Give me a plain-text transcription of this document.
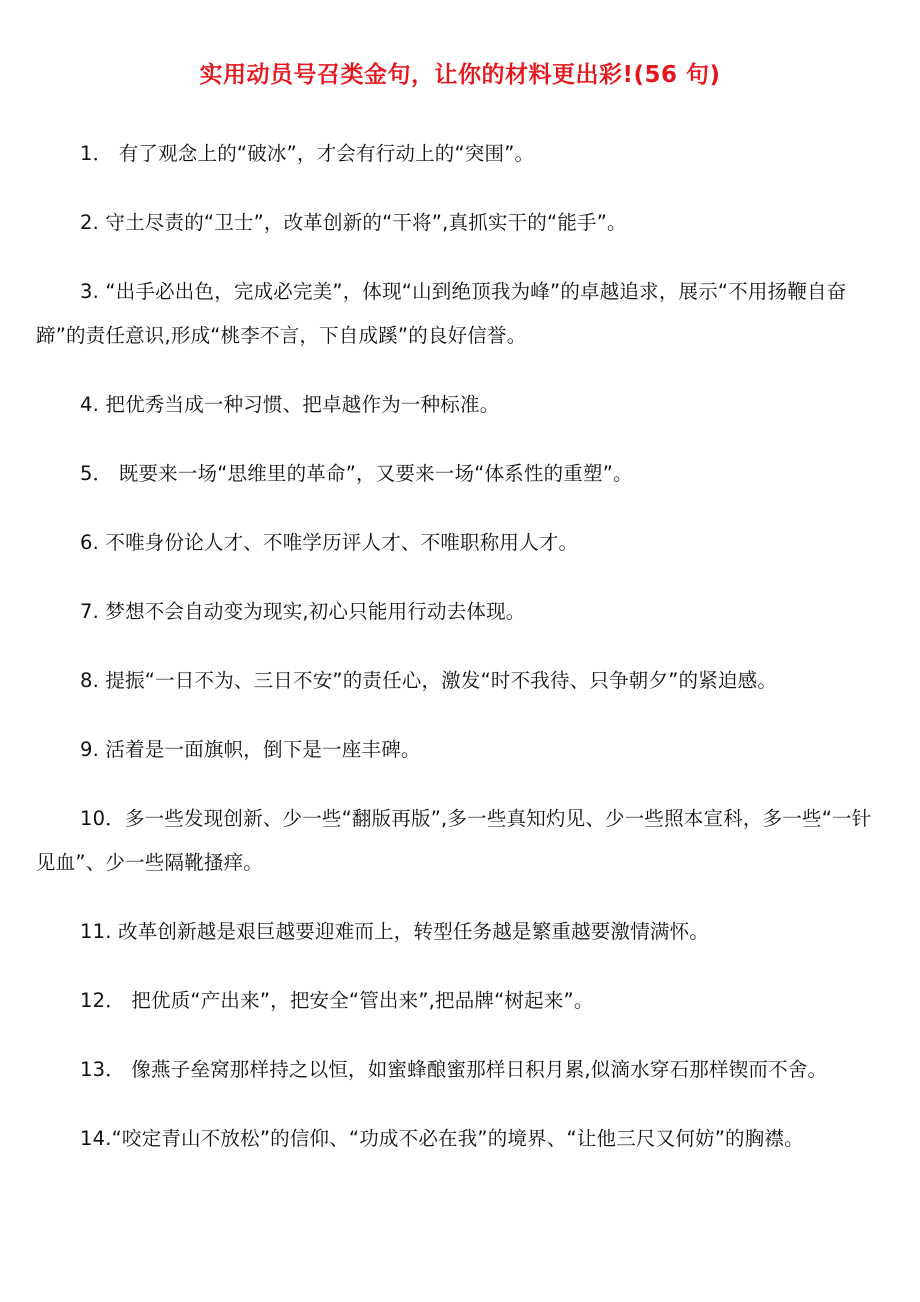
实用动员号召类金句，让你的材料更出彩!(56 句)

1． 有了观念上的“破冰”，才会有行动上的“突围”。

2. 守土尽责的“卫士”，改革创新的“干将”,真抓实干的“能手”。

3. “出手必出色，完成必完美”，体现“山到绝顶我为峰”的卓越追求，展示“不用扬鞭自奋蹄”的责任意识,形成“桃李不言，下自成蹊”的良好信誉。

4. 把优秀当成一种习惯、把卓越作为一种标准。

5． 既要来一场“思维里的革命”，又要来一场“体系性的重塑”。

6. 不唯身份论人才、不唯学历评人才、不唯职称用人才。

7. 梦想不会自动变为现实,初心只能用行动去体现。

8. 提振“一日不为、三日不安”的责任心，激发“时不我待、只争朝夕”的紧迫感。

9. 活着是一面旗帜，倒下是一座丰碑。

10．多一些发现创新、少一些“翻版再版”,多一些真知灼见、少一些照本宣科，多一些“一针见血”、少一些隔靴搔痒。

11. 改革创新越是艰巨越要迎难而上，转型任务越是繁重越要激情满怀。

12． 把优质“产出来”，把安全“管出来”,把品牌“树起来”。

13． 像燕子垒窝那样持之以恒，如蜜蜂酿蜜那样日积月累,似滴水穿石那样锲而不舍。

14.“咬定青山不放松”的信仰、“功成不必在我”的境界、“让他三尺又何妨”的胸襟。
